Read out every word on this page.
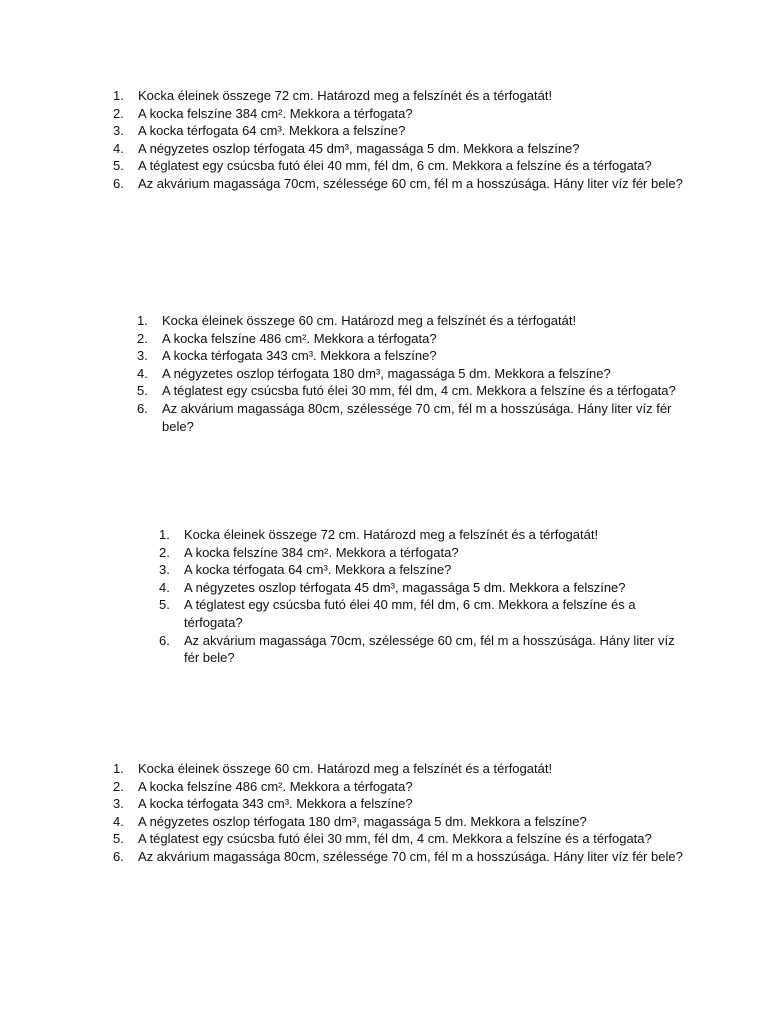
1. Kocka éleinek összege 72 cm. Határozd meg a felszínét és a térfogatát!
2. A kocka felszíne 384 cm². Mekkora a térfogata?
3. A kocka térfogata 64 cm³. Mekkora a felszíne?
4. A négyzetes oszlop térfogata 45 dm³, magassága 5 dm. Mekkora a felszíne?
5. A téglatest egy csúcsba futó élei 40 mm, fél dm, 6 cm. Mekkora a felszíne és a térfogata?
6. Az akvárium magassága 70cm, szélessége 60 cm, fél m a hosszúsága. Hány liter víz fér bele?
1. Kocka éleinek összege 60 cm. Határozd meg a felszínét és a térfogatát!
2. A kocka felszíne 486 cm². Mekkora a térfogata?
3. A kocka térfogata 343 cm³. Mekkora a felszíne?
4. A négyzetes oszlop térfogata 180 dm³, magassága 5 dm. Mekkora a felszíne?
5. A téglatest egy csúcsba futó élei 30 mm, fél dm, 4 cm. Mekkora a felszíne és a térfogata?
6. Az akvárium magassága 80cm, szélessége 70 cm, fél m a hosszúsága. Hány liter víz fér bele?
1. Kocka éleinek összege 72 cm. Határozd meg a felszínét és a térfogatát!
2. A kocka felszíne 384 cm². Mekkora a térfogata?
3. A kocka térfogata 64 cm³. Mekkora a felszíne?
4. A négyzetes oszlop térfogata 45 dm³, magassága 5 dm. Mekkora a felszíne?
5. A téglatest egy csúcsba futó élei 40 mm, fél dm, 6 cm. Mekkora a felszíne és a térfogata?
6. Az akvárium magassága 70cm, szélessége 60 cm, fél m a hosszúsága. Hány liter víz fér bele?
1. Kocka éleinek összege 60 cm. Határozd meg a felszínét és a térfogatát!
2. A kocka felszíne 486 cm². Mekkora a térfogata?
3. A kocka térfogata 343 cm³. Mekkora a felszíne?
4. A négyzetes oszlop térfogata 180 dm³, magassága 5 dm. Mekkora a felszíne?
5. A téglatest egy csúcsba futó élei 30 mm, fél dm, 4 cm. Mekkora a felszíne és a térfogata?
6. Az akvárium magassága 80cm, szélessége 70 cm, fél m a hosszúsága. Hány liter víz fér bele?
